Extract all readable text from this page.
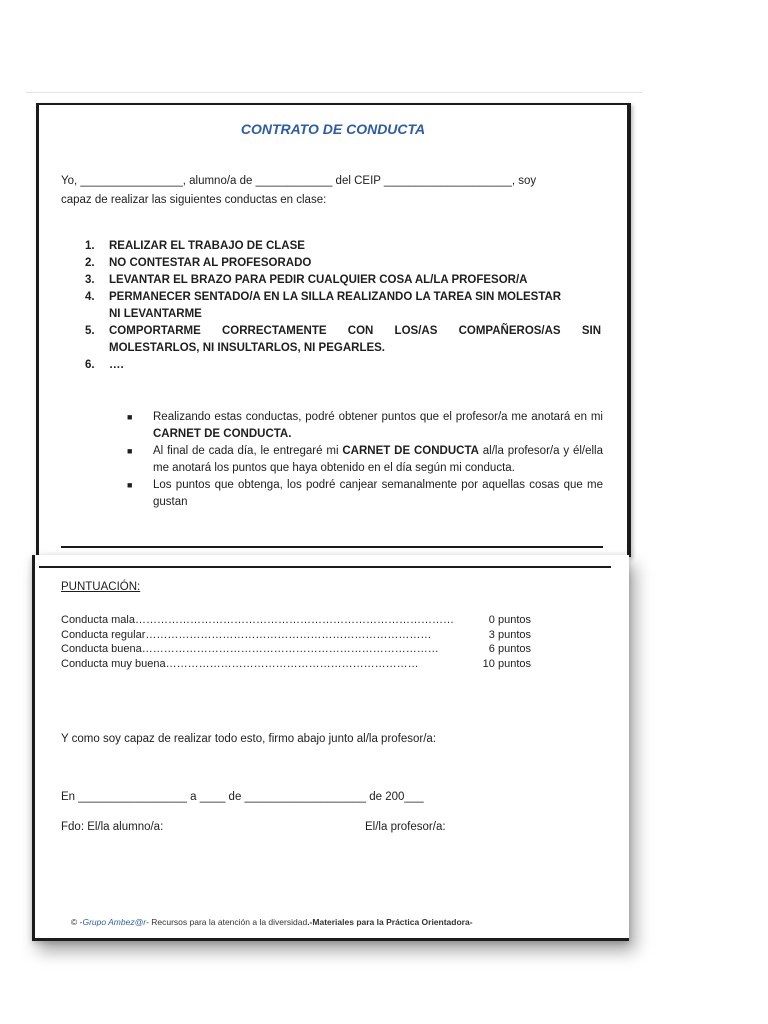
CONTRATO DE CONDUCTA
Yo, ________________, alumno/a de ____________ del CEIP ____________________, soy
capaz de realizar las siguientes conductas en clase:
1.	REALIZAR EL TRABAJO DE CLASE
2.	NO CONTESTAR AL PROFESORADO
3.	LEVANTAR EL BRAZO PARA PEDIR CUALQUIER COSA AL/LA PROFESOR/A
4.	PERMANECER SENTADO/A EN LA SILLA REALIZANDO LA TAREA SIN MOLESTAR
NI LEVANTARME
5.	COMPORTARME CORRECTAMENTE CON LOS/AS COMPAÑEROS/AS SIN
MOLESTARLOS, NI INSULTARLOS, NI PEGARLES.
6.	….
■	Realizando estas conductas, podré obtener puntos que el profesor/a me anotará en mi CARNET DE CONDUCTA.
■	Al final de cada día, le entregaré mi CARNET DE CONDUCTA al/la profesor/a y él/ella me anotará los puntos que haya obtenido en el día según mi conducta.
■	Los puntos que obtenga, los podré canjear semanalmente por aquellas cosas que me gustan
PUNTUACIÓN:
Conducta mala……………………………………………………………………………	0 puntos
Conducta regular……………………………………………………………………	3 puntos
Conducta buena………………………………………………………………………	6 puntos
Conducta muy buena……………………………………………………………	10 puntos
Y como soy capaz de realizar todo esto, firmo abajo junto al/la profesor/a:
En _________________ a ____ de ___________________ de 200___
Fdo: El/la alumno/a:	El/la profesor/a:
© -Grupo Ambez@r- Recursos para la atención a la diversidad.-Materiales para la Práctica Orientadora-
